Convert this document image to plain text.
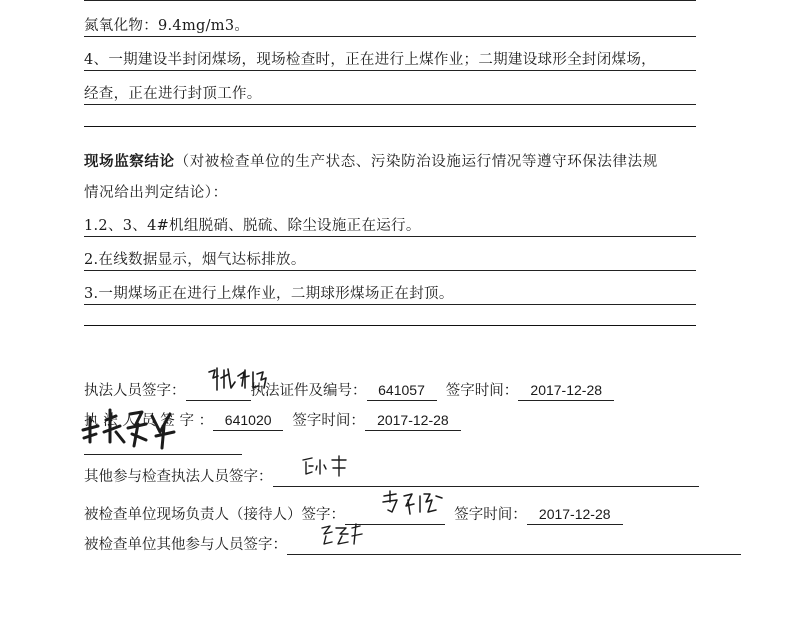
氮氧化物：9.4mg/m3。
4、一期建设半封闭煤场，现场检查时，正在进行上煤作业；二期建设球形全封闭煤场，
经查，正在进行封顶工作。
现场监察结论（对被检查单位的生产状态、污染防治设施运行情况等遵守环保法律法规
情况给出判定结论）：
1.2、3、4#机组脱硝、脱硫、除尘设施正在运行。
2.在线数据显示，烟气达标排放。
3.一期煤场正在进行上煤作业，二期球形煤场正在封顶。
执法人员签字：	执法证件及编号： 641057 签字时间： 2017-12-28
执 法 人 员 签 字 ： 641020 签字时间： 2017-12-28
其他参与检查执法人员签字：
被检查单位现场负责人（接待人）签字：	签字时间： 2017-12-28
被检查单位其他参与人员签字：
